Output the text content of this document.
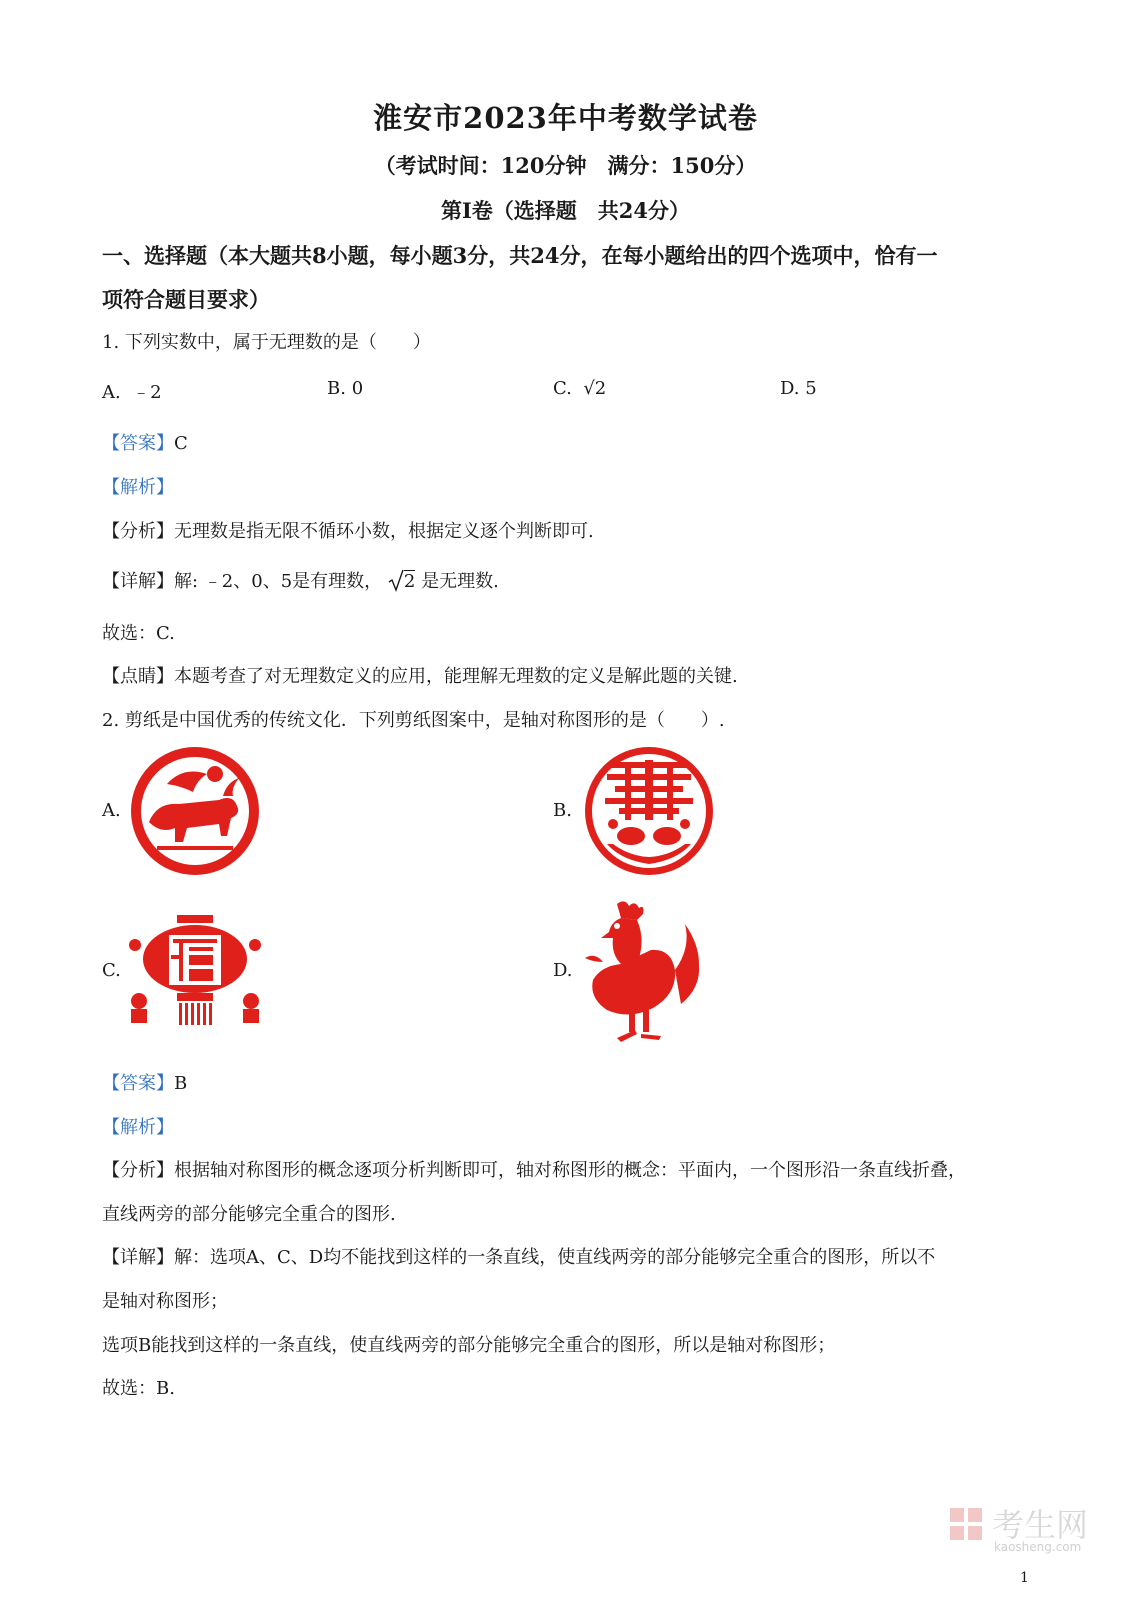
淮安市2023年中考数学试卷
（考试时间：120分钟　满分：150分）
第Ⅰ卷（选择题　共24分）
一、选择题（本大题共8小题，每小题3分，共24分，在每小题给出的四个选项中，恰有一
项符合题目要求）
1. 下列实数中，属于无理数的是（　　）
A. ﹣2	B. 0	C. √2	D. 5
【答案】C
【解析】
【分析】无理数是指无限不循环小数，根据定义逐个判断即可.
【详解】解: ﹣2、0、5是有理数， 2 是无理数.
故选：C.
【点睛】本题考查了对无理数定义的应用，能理解无理数的定义是解此题的关键.
2. 剪纸是中国优秀的传统文化．下列剪纸图案中，是轴对称图形的是（　　）.
A.	B.
C.	D.
【答案】B
【解析】
【分析】根据轴对称图形的概念逐项分析判断即可，轴对称图形的概念：平面内，一个图形沿一条直线折叠，
直线两旁的部分能够完全重合的图形.
【详解】解：选项A、C、D均不能找到这样的一条直线，使直线两旁的部分能够完全重合的图形，所以不
是轴对称图形；
选项B能找到这样的一条直线，使直线两旁的部分能够完全重合的图形，所以是轴对称图形；
故选：B.
考生网
kaosheng.com
1
